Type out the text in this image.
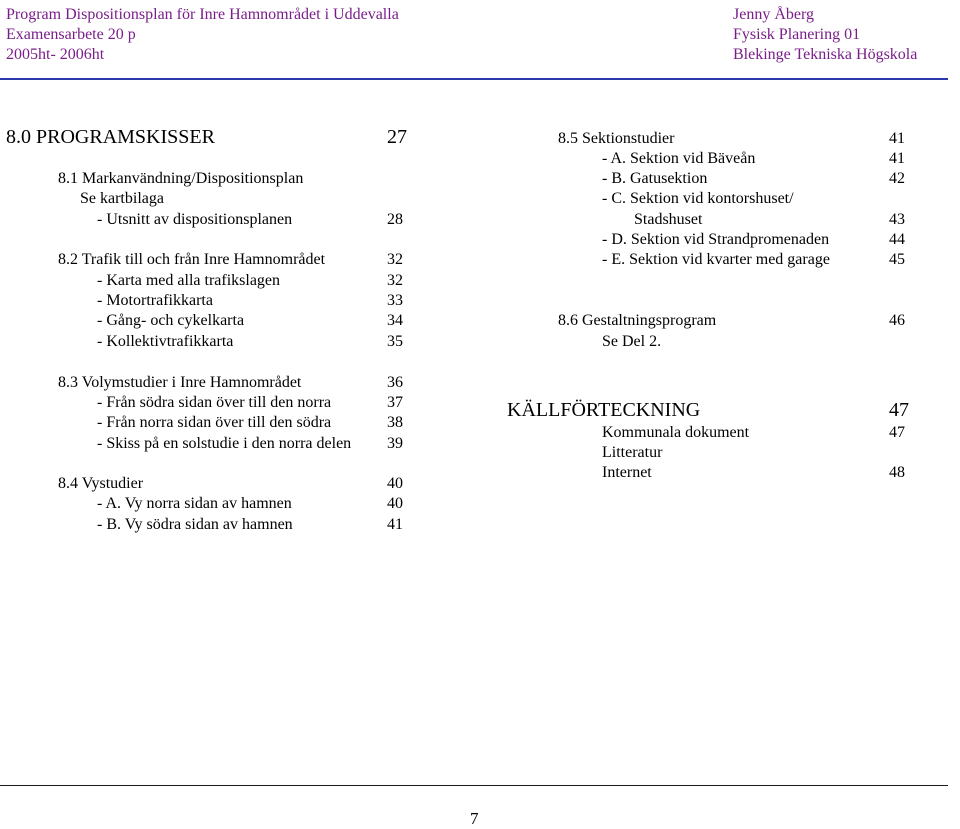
Program Dispositionsplan för Inre Hamnområdet i Uddevalla
Examensarbete 20 p
2005ht- 2006ht
Jenny Åberg
Fysisk Planering 01
Blekinge Tekniska Högskola
8.0 PROGRAMSKISSER	27
8.1 Markanvändning/Dispositionsplan
Se kartbilaga
- Utsnitt av dispositionsplanen	28
8.2 Trafik till och från Inre Hamnområdet	32
- Karta med alla trafikslagen	32
- Motortrafikkarta	33
- Gång- och cykelkarta	34
- Kollektivtrafikkarta	35
8.3 Volymstudier i Inre Hamnområdet	36
- Från södra sidan över till den norra	37
- Från norra sidan över till den södra	38
- Skiss på en solstudie i den norra delen 39
8.4 Vystudier	40
- A. Vy norra sidan av hamnen	40
- B. Vy södra sidan av hamnen	41
8.5 Sektionstudier	41
- A. Sektion vid Bäveån	41
- B. Gatusektion	42
- C. Sektion vid kontorshuset/
Stadshuset	43
- D. Sektion vid Strandpromenaden	44
- E. Sektion vid kvarter med garage	45
8.6 Gestaltningsprogram	46
Se Del 2.
KÄLLFÖRTECKNING	47
Kommunala dokument	47
Litteratur
Internet	48
7
